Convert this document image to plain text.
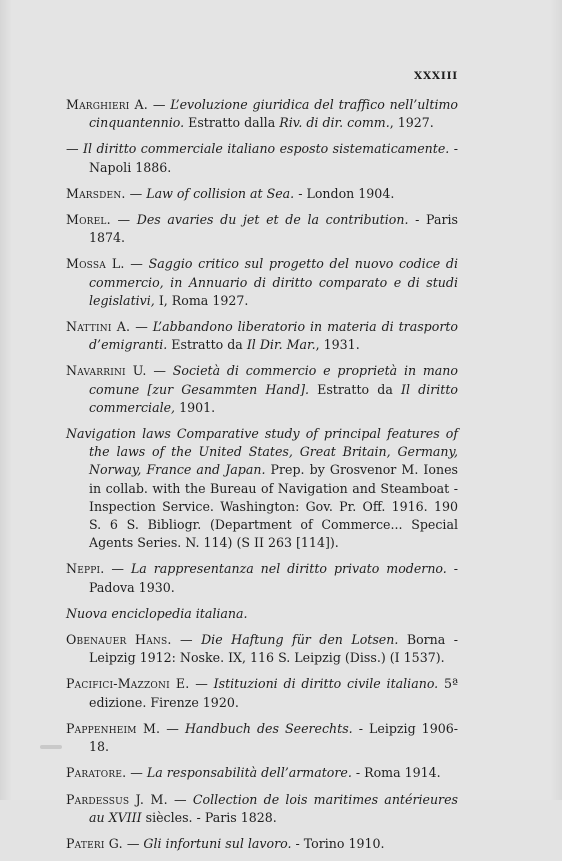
XXXIII

Marghieri A. — L’evoluzione giuridica del traffico nell’ultimo cinquantennio. Estratto dalla Riv. di dir. comm., 1927.

— Il diritto commerciale italiano esposto sistematicamente. - Napoli 1886.

Marsden. — Law of collision at Sea. - London 1904.

Morel. — Des avaries du jet et de la contribution. - Paris 1874.

Mossa L. — Saggio critico sul progetto del nuovo codice di commercio, in Annuario di diritto comparato e di studi legislativi, I, Roma 1927.

Nattini A. — L’abbandono liberatorio in materia di trasporto d’emigranti. Estratto da Il Dir. Mar., 1931.

Navarrini U. — Società di commercio e proprietà in mano comune [zur Gesammten Hand]. Estratto da Il diritto commerciale, 1901.

Navigation laws Comparative study of principal features of the laws of the United States, Great Britain, Germany, Norway, France and Japan. Prep. by Grosvenor M. Iones in collab. with the Bureau of Navigation and Steamboat - Inspection Service. Washington: Gov. Pr. Off. 1916. 190 S. 6 S. Bibliogr. (Department of Commerce... Special Agents Series. N. 114) (S II 263 [114]).

Neppi. — La rappresentanza nel diritto privato moderno. - Padova 1930.

Nuova enciclopedia italiana.

Obenauer Hans. — Die Haftung für den Lotsen. Borna - Leipzig 1912: Noske. IX, 116 S. Leipzig (Diss.) (I 1537).

Pacifici-Mazzoni E. — Istituzioni di diritto civile italiano. 5ª edizione. Firenze 1920.

Pappenheim M. — Handbuch des Seerechts. - Leipzig 1906-18.

Paratore. — La responsabilità dell’armatore. - Roma 1914.

Pardessus J. M. — Collection de lois maritimes antérieures au XVIII siècles. - Paris 1828.

Pateri G. — Gli infortuni sul lavoro. - Torino 1910.
